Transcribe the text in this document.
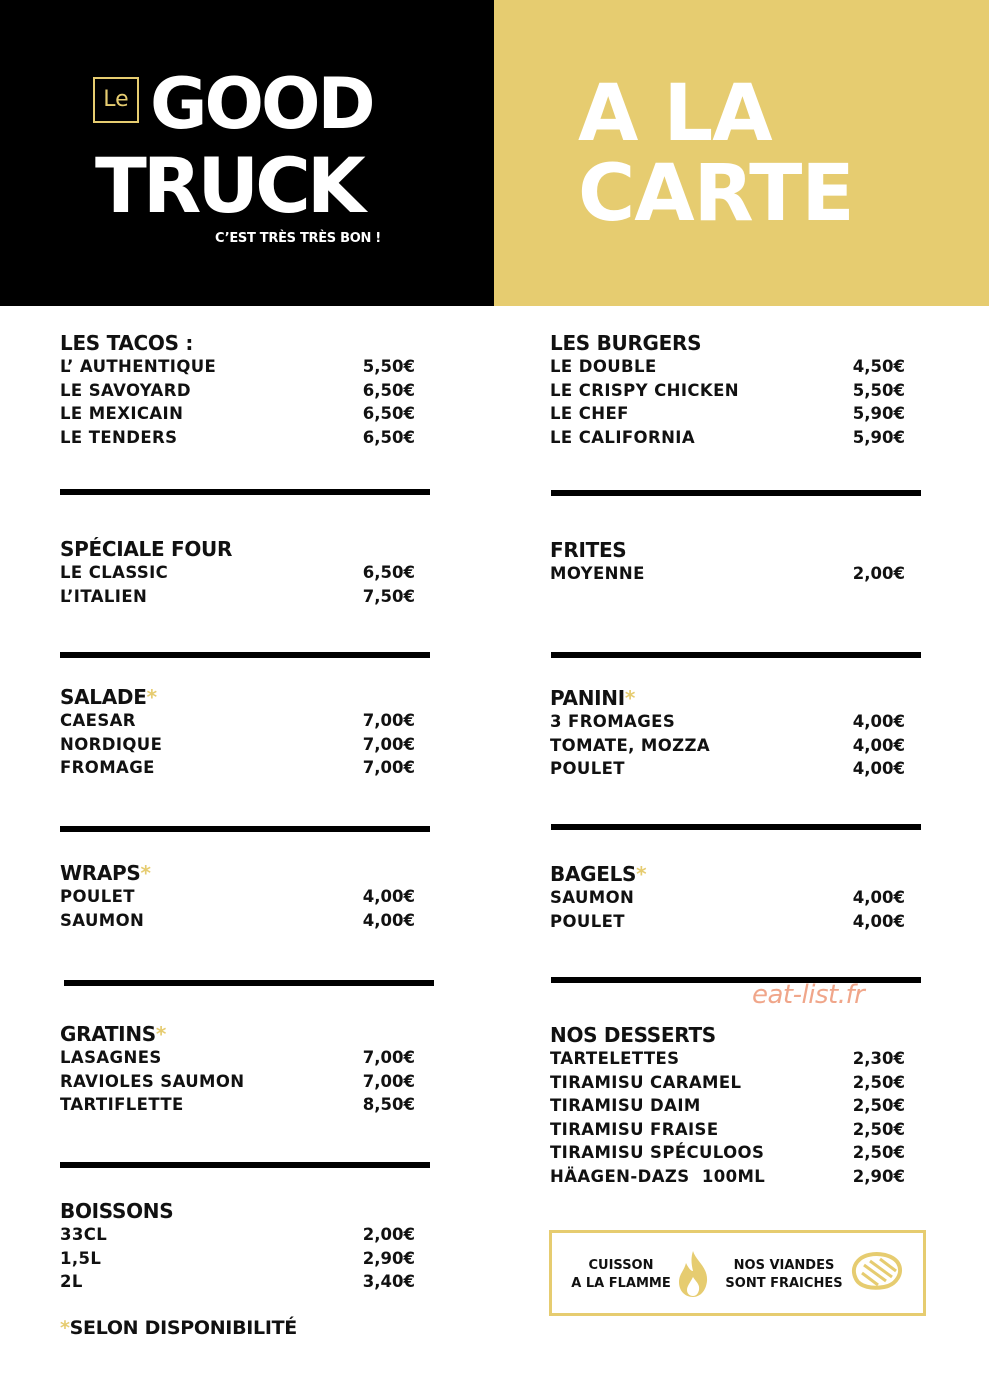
Le GOOD
TRUCK
C’EST TRÈS TRÈS BON !
A LA
CARTE
LES TACOS :
L’ AUTHENTIQUE	5,50€
LE SAVOYARD	6,50€
LE MEXICAIN	6,50€
LE TENDERS	6,50€
SPÉCIALE FOUR
LE CLASSIC	6,50€
L’ITALIEN	7,50€
SALADE*
CAESAR	7,00€
NORDIQUE	7,00€
FROMAGE	7,00€
WRAPS*
POULET	4,00€
SAUMON	4,00€
GRATINS*
LASAGNES	7,00€
RAVIOLES SAUMON	7,00€
TARTIFLETTE	8,50€
BOISSONS
33CL	2,00€
1,5L	2,90€
2L	3,40€
*SELON DISPONIBILITÉ
LES BURGERS
LE DOUBLE	4,50€
LE CRISPY CHICKEN	5,50€
LE CHEF	5,90€
LE CALIFORNIA	5,90€
FRITES
MOYENNE	2,00€
PANINI*
3 FROMAGES	4,00€
TOMATE, MOZZA	4,00€
POULET	4,00€
BAGELS*
SAUMON	4,00€
POULET	4,00€
eat-list.fr
NOS DESSERTS
TARTELETTES	2,30€
TIRAMISU CARAMEL	2,50€
TIRAMISU DAIM	2,50€
TIRAMISU FRAISE	2,50€
TIRAMISU SPÉCULOOS	2,50€
HÄAGEN-DAZS  100ML	2,90€
CUISSON
A LA FLAMME
NOS VIANDES
SONT FRAICHES
